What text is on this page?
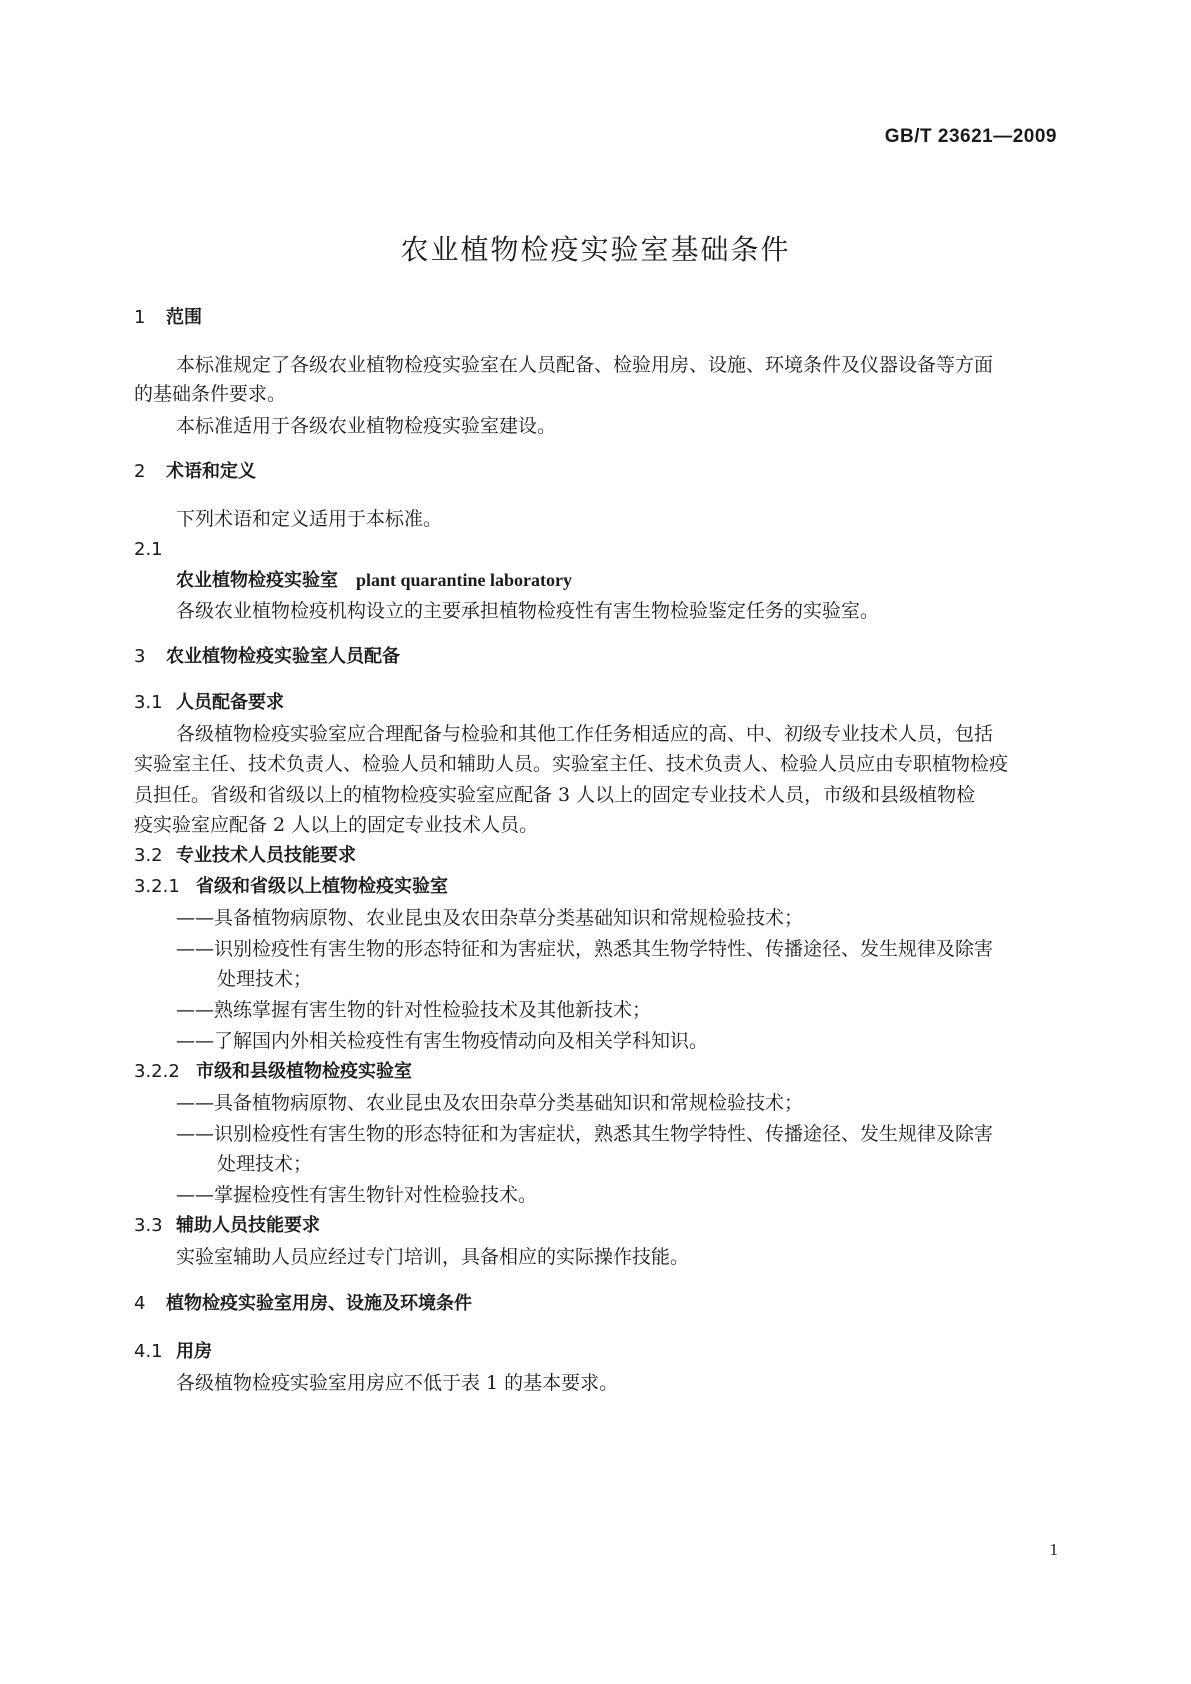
GB/T 23621—2009
农业植物检疫实验室基础条件
1 范围
本标准规定了各级农业植物检疫实验室在人员配备、检验用房、设施、环境条件及仪器设备等方面
的基础条件要求。
本标准适用于各级农业植物检疫实验室建设。
2 术语和定义
下列术语和定义适用于本标准。
2.1
农业植物检疫实验室 plant quarantine laboratory
各级农业植物检疫机构设立的主要承担植物检疫性有害生物检验鉴定任务的实验室。
3 农业植物检疫实验室人员配备
3.1 人员配备要求
各级植物检疫实验室应合理配备与检验和其他工作任务相适应的高、中、初级专业技术人员，包括
实验室主任、技术负责人、检验人员和辅助人员。实验室主任、技术负责人、检验人员应由专职植物检疫
员担任。省级和省级以上的植物检疫实验室应配备 3 人以上的固定专业技术人员，市级和县级植物检
疫实验室应配备 2 人以上的固定专业技术人员。
3.2 专业技术人员技能要求
3.2.1 省级和省级以上植物检疫实验室
——具备植物病原物、农业昆虫及农田杂草分类基础知识和常规检验技术；
——识别检疫性有害生物的形态特征和为害症状，熟悉其生物学特性、传播途径、发生规律及除害
处理技术；
——熟练掌握有害生物的针对性检验技术及其他新技术；
——了解国内外相关检疫性有害生物疫情动向及相关学科知识。
3.2.2 市级和县级植物检疫实验室
——具备植物病原物、农业昆虫及农田杂草分类基础知识和常规检验技术；
——识别检疫性有害生物的形态特征和为害症状，熟悉其生物学特性、传播途径、发生规律及除害
处理技术；
——掌握检疫性有害生物针对性检验技术。
3.3 辅助人员技能要求
实验室辅助人员应经过专门培训，具备相应的实际操作技能。
4 植物检疫实验室用房、设施及环境条件
4.1 用房
各级植物检疫实验室用房应不低于表 1 的基本要求。
1
